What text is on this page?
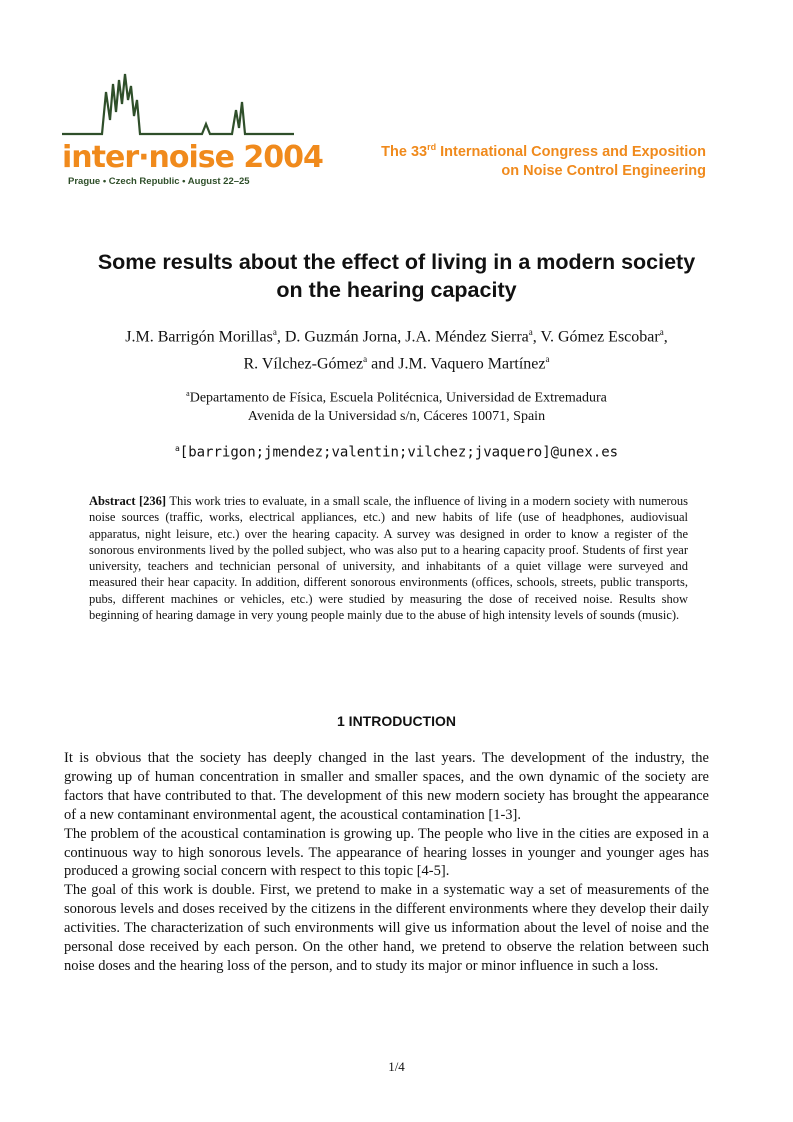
inter·noise 2004
Prague • Czech Republic • August 22–25
The 33rd International Congress and Exposition
on Noise Control Engineering
Some results about the effect of living in a modern society
on the hearing capacity
J.M. Barrigón Morillas$^a$, D. Guzmán Jorna, J.A. Méndez Sierra$^a$, V. Gómez Escobar$^a$,
R. Vílchez-Gómez$^a$ and J.M. Vaquero Martínez$^a$
$^a$Departamento de Física, Escuela Politécnica, Universidad de Extremadura
Avenida de la Universidad s/n, Cáceres 10071, Spain
$^a$[barrigon;jmendez;valentin;vilchez;jvaquero]@unex.es
Abstract [236] This work tries to evaluate, in a small scale, the influence of living in a modern society with numerous noise sources (traffic, works, electrical appliances, etc.) and new habits of life (use of headphones, audiovisual apparatus, night leisure, etc.) over the hearing capacity. A survey was designed in order to know a register of the sonorous environments lived by the polled subject, who was also put to a hearing capacity proof. Students of first year university, teachers and technician personal of university, and inhabitants of a quiet village were surveyed and measured their hear capacity. In addition, different sonorous environments (offices, schools, streets, public transports, pubs, different machines or vehicles, etc.) were studied by measuring the dose of received noise. Results show beginning of hearing damage in very young people mainly due to the abuse of high intensity levels of sounds (music).
1 INTRODUCTION

It is obvious that the society has deeply changed in the last years. The development of the industry, the growing up of human concentration in smaller and smaller spaces, and the own dynamic of the society are factors that have contributed to that. The development of this new modern society has brought the appearance of a new contaminant environmental agent, the acoustical contamination [1-3].

The problem of the acoustical contamination is growing up. The people who live in the cities are exposed in a continuous way to high sonorous levels. The appearance of hearing losses in younger and younger ages has produced a growing social concern with respect to this topic [4-5].

The goal of this work is double. First, we pretend to make in a systematic way a set of measurements of the sonorous levels and doses received by the citizens in the different environments where they develop their daily activities. The characterization of such environments will give us information about the level of noise and the personal dose received by each person. On the other hand, we pretend to observe the relation between such noise doses and the hearing loss of the person, and to study its major or minor influence in such a loss.

1/4
